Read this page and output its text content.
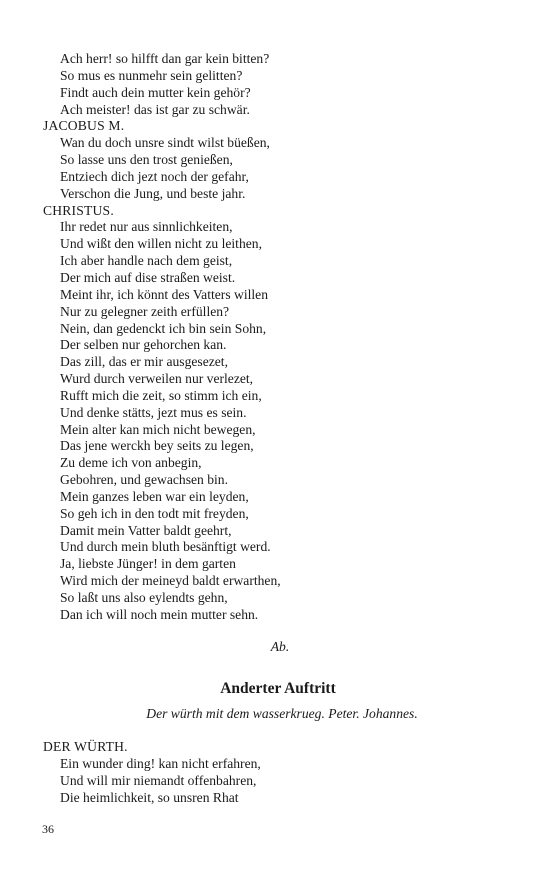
Ach herr! so hilfft dan gar kein bitten?
So mus es nunmehr sein gelitten?
Findt auch dein mutter kein gehör?
Ach meister! das ist gar zu schwär.
JACOBUS M.
Wan du doch unsre sindt wilst büeßen,
So lasse uns den trost genießen,
Entziech dich jezt noch der gefahr,
Verschon die Jung, und beste jahr.
CHRISTUS.
Ihr redet nur aus sinnlichkeiten,
Und wißt den willen nicht zu leithen,
Ich aber handle nach dem geist,
Der mich auf dise straßen weist.
Meint ihr, ich könnt des Vatters willen
Nur zu gelegner zeith erfüllen?
Nein, dan gedenckt ich bin sein Sohn,
Der selben nur gehorchen kan.
Das zill, das er mir ausgesezet,
Wurd durch verweilen nur verlezet,
Rufft mich die zeit, so stimm ich ein,
Und denke stätts, jezt mus es sein.
Mein alter kan mich nicht bewegen,
Das jene werckh bey seits zu legen,
Zu deme ich von anbegin,
Gebohren, und gewachsen bin.
Mein ganzes leben war ein leyden,
So geh ich in den todt mit freyden,
Damit mein Vatter baldt geehrt,
Und durch mein bluth besänftigt werd.
Ja, liebste Jünger! in dem garten
Wird mich der meineyd baldt erwarthen,
So laßt uns also eylendts gehn,
Dan ich will noch mein mutter sehn.
Ab.
Anderter Auftritt
Der würth mit dem wasserkrueg. Peter. Johannes.
DER WÜRTH.
Ein wunder ding! kan nicht erfahren,
Und will mir niemandt offenbahren,
Die heimlichkeit, so unsren Rhat
36
